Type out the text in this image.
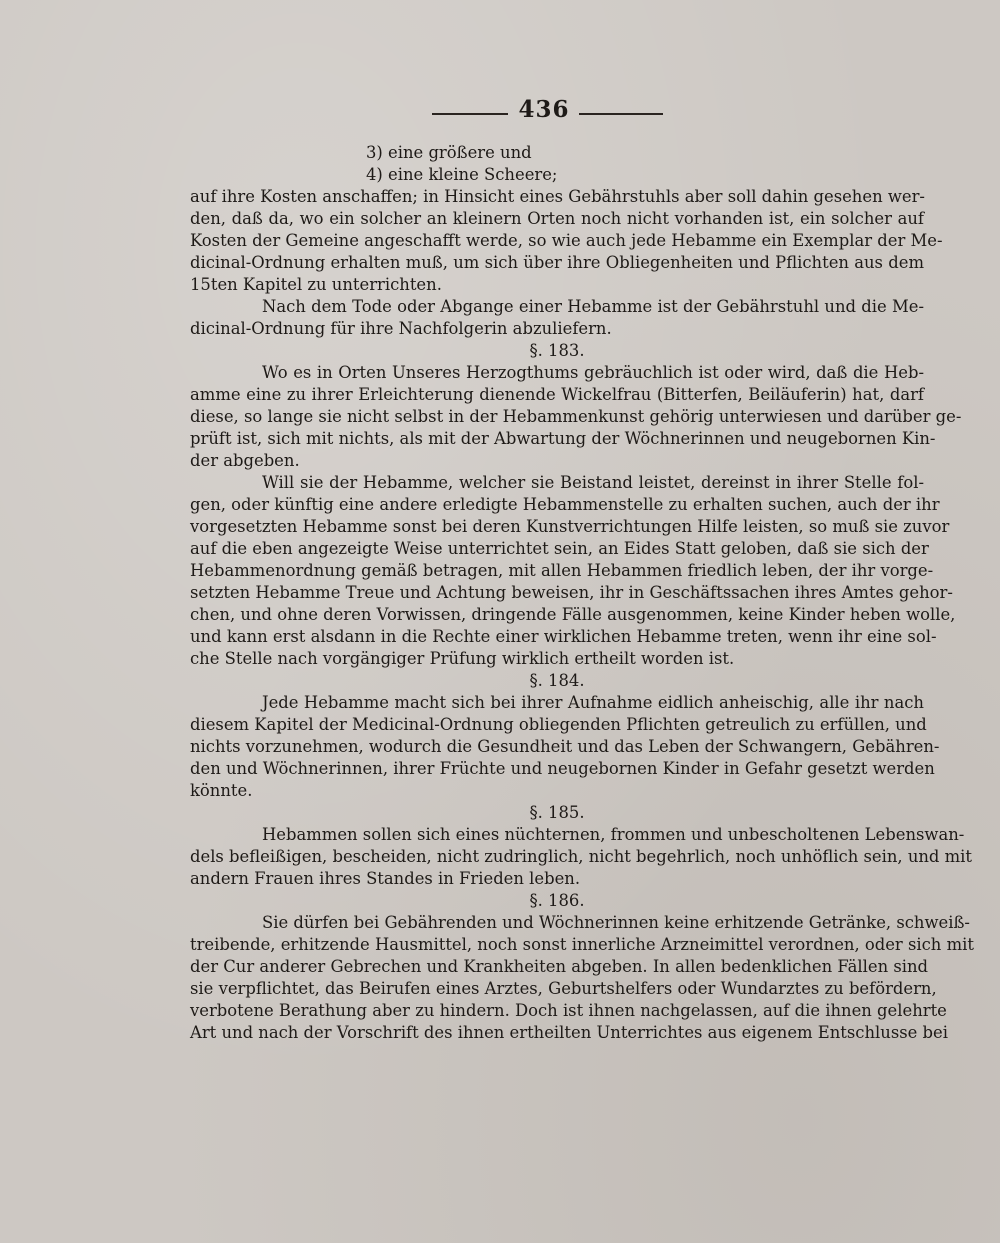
436
3) eine größere und
4) eine kleine Scheere;
auf ihre Kosten anschaffen; in Hinsicht eines Gebährstuhls aber soll dahin gesehen wer-
den, daß da, wo ein solcher an kleinern Orten noch nicht vorhanden ist, ein solcher auf
Kosten der Gemeine angeschafft werde, so wie auch jede Hebamme ein Exemplar der Me-
dicinal-Ordnung erhalten muß, um sich über ihre Obliegenheiten und Pflichten aus dem
15ten Kapitel zu unterrichten.
Nach dem Tode oder Abgange einer Hebamme ist der Gebährstuhl und die Me-
dicinal-Ordnung für ihre Nachfolgerin abzuliefern.
§. 183.
Wo es in Orten Unseres Herzogthums gebräuchlich ist oder wird, daß die Heb-
amme eine zu ihrer Erleichterung dienende Wickelfrau (Bitterfen, Beiläuferin) hat, darf
diese, so lange sie nicht selbst in der Hebammenkunst gehörig unterwiesen und darüber ge-
prüft ist, sich mit nichts, als mit der Abwartung der Wöchnerinnen und neugebornen Kin-
der abgeben.
Will sie der Hebamme, welcher sie Beistand leistet, dereinst in ihrer Stelle fol-
gen, oder künftig eine andere erledigte Hebammenstelle zu erhalten suchen, auch der ihr
vorgesetzten Hebamme sonst bei deren Kunstverrichtungen Hilfe leisten, so muß sie zuvor
auf die eben angezeigte Weise unterrichtet sein, an Eides Statt geloben, daß sie sich der
Hebammenordnung gemäß betragen, mit allen Hebammen friedlich leben, der ihr vorge-
setzten Hebamme Treue und Achtung beweisen, ihr in Geschäftssachen ihres Amtes gehor-
chen, und ohne deren Vorwissen, dringende Fälle ausgenommen, keine Kinder heben wolle,
und kann erst alsdann in die Rechte einer wirklichen Hebamme treten, wenn ihr eine sol-
che Stelle nach vorgängiger Prüfung wirklich ertheilt worden ist.
§. 184.
Jede Hebamme macht sich bei ihrer Aufnahme eidlich anheischig, alle ihr nach
diesem Kapitel der Medicinal-Ordnung obliegenden Pflichten getreulich zu erfüllen, und
nichts vorzunehmen, wodurch die Gesundheit und das Leben der Schwangern, Gebähren-
den und Wöchnerinnen, ihrer Früchte und neugebornen Kinder in Gefahr gesetzt werden
könnte.
§. 185.
Hebammen sollen sich eines nüchternen, frommen und unbescholtenen Lebenswan-
dels befleißigen, bescheiden, nicht zudringlich, nicht begehrlich, noch unhöflich sein, und mit
andern Frauen ihres Standes in Frieden leben.
§. 186.
Sie dürfen bei Gebährenden und Wöchnerinnen keine erhitzende Getränke, schweiß-
treibende, erhitzende Hausmittel, noch sonst innerliche Arzneimittel verordnen, oder sich mit
der Cur anderer Gebrechen und Krankheiten abgeben. In allen bedenklichen Fällen sind
sie verpflichtet, das Beirufen eines Arztes, Geburtshelfers oder Wundarztes zu befördern,
verbotene Berathung aber zu hindern. Doch ist ihnen nachgelassen, auf die ihnen gelehrte
Art und nach der Vorschrift des ihnen ertheilten Unterrichtes aus eigenem Entschlusse bei
